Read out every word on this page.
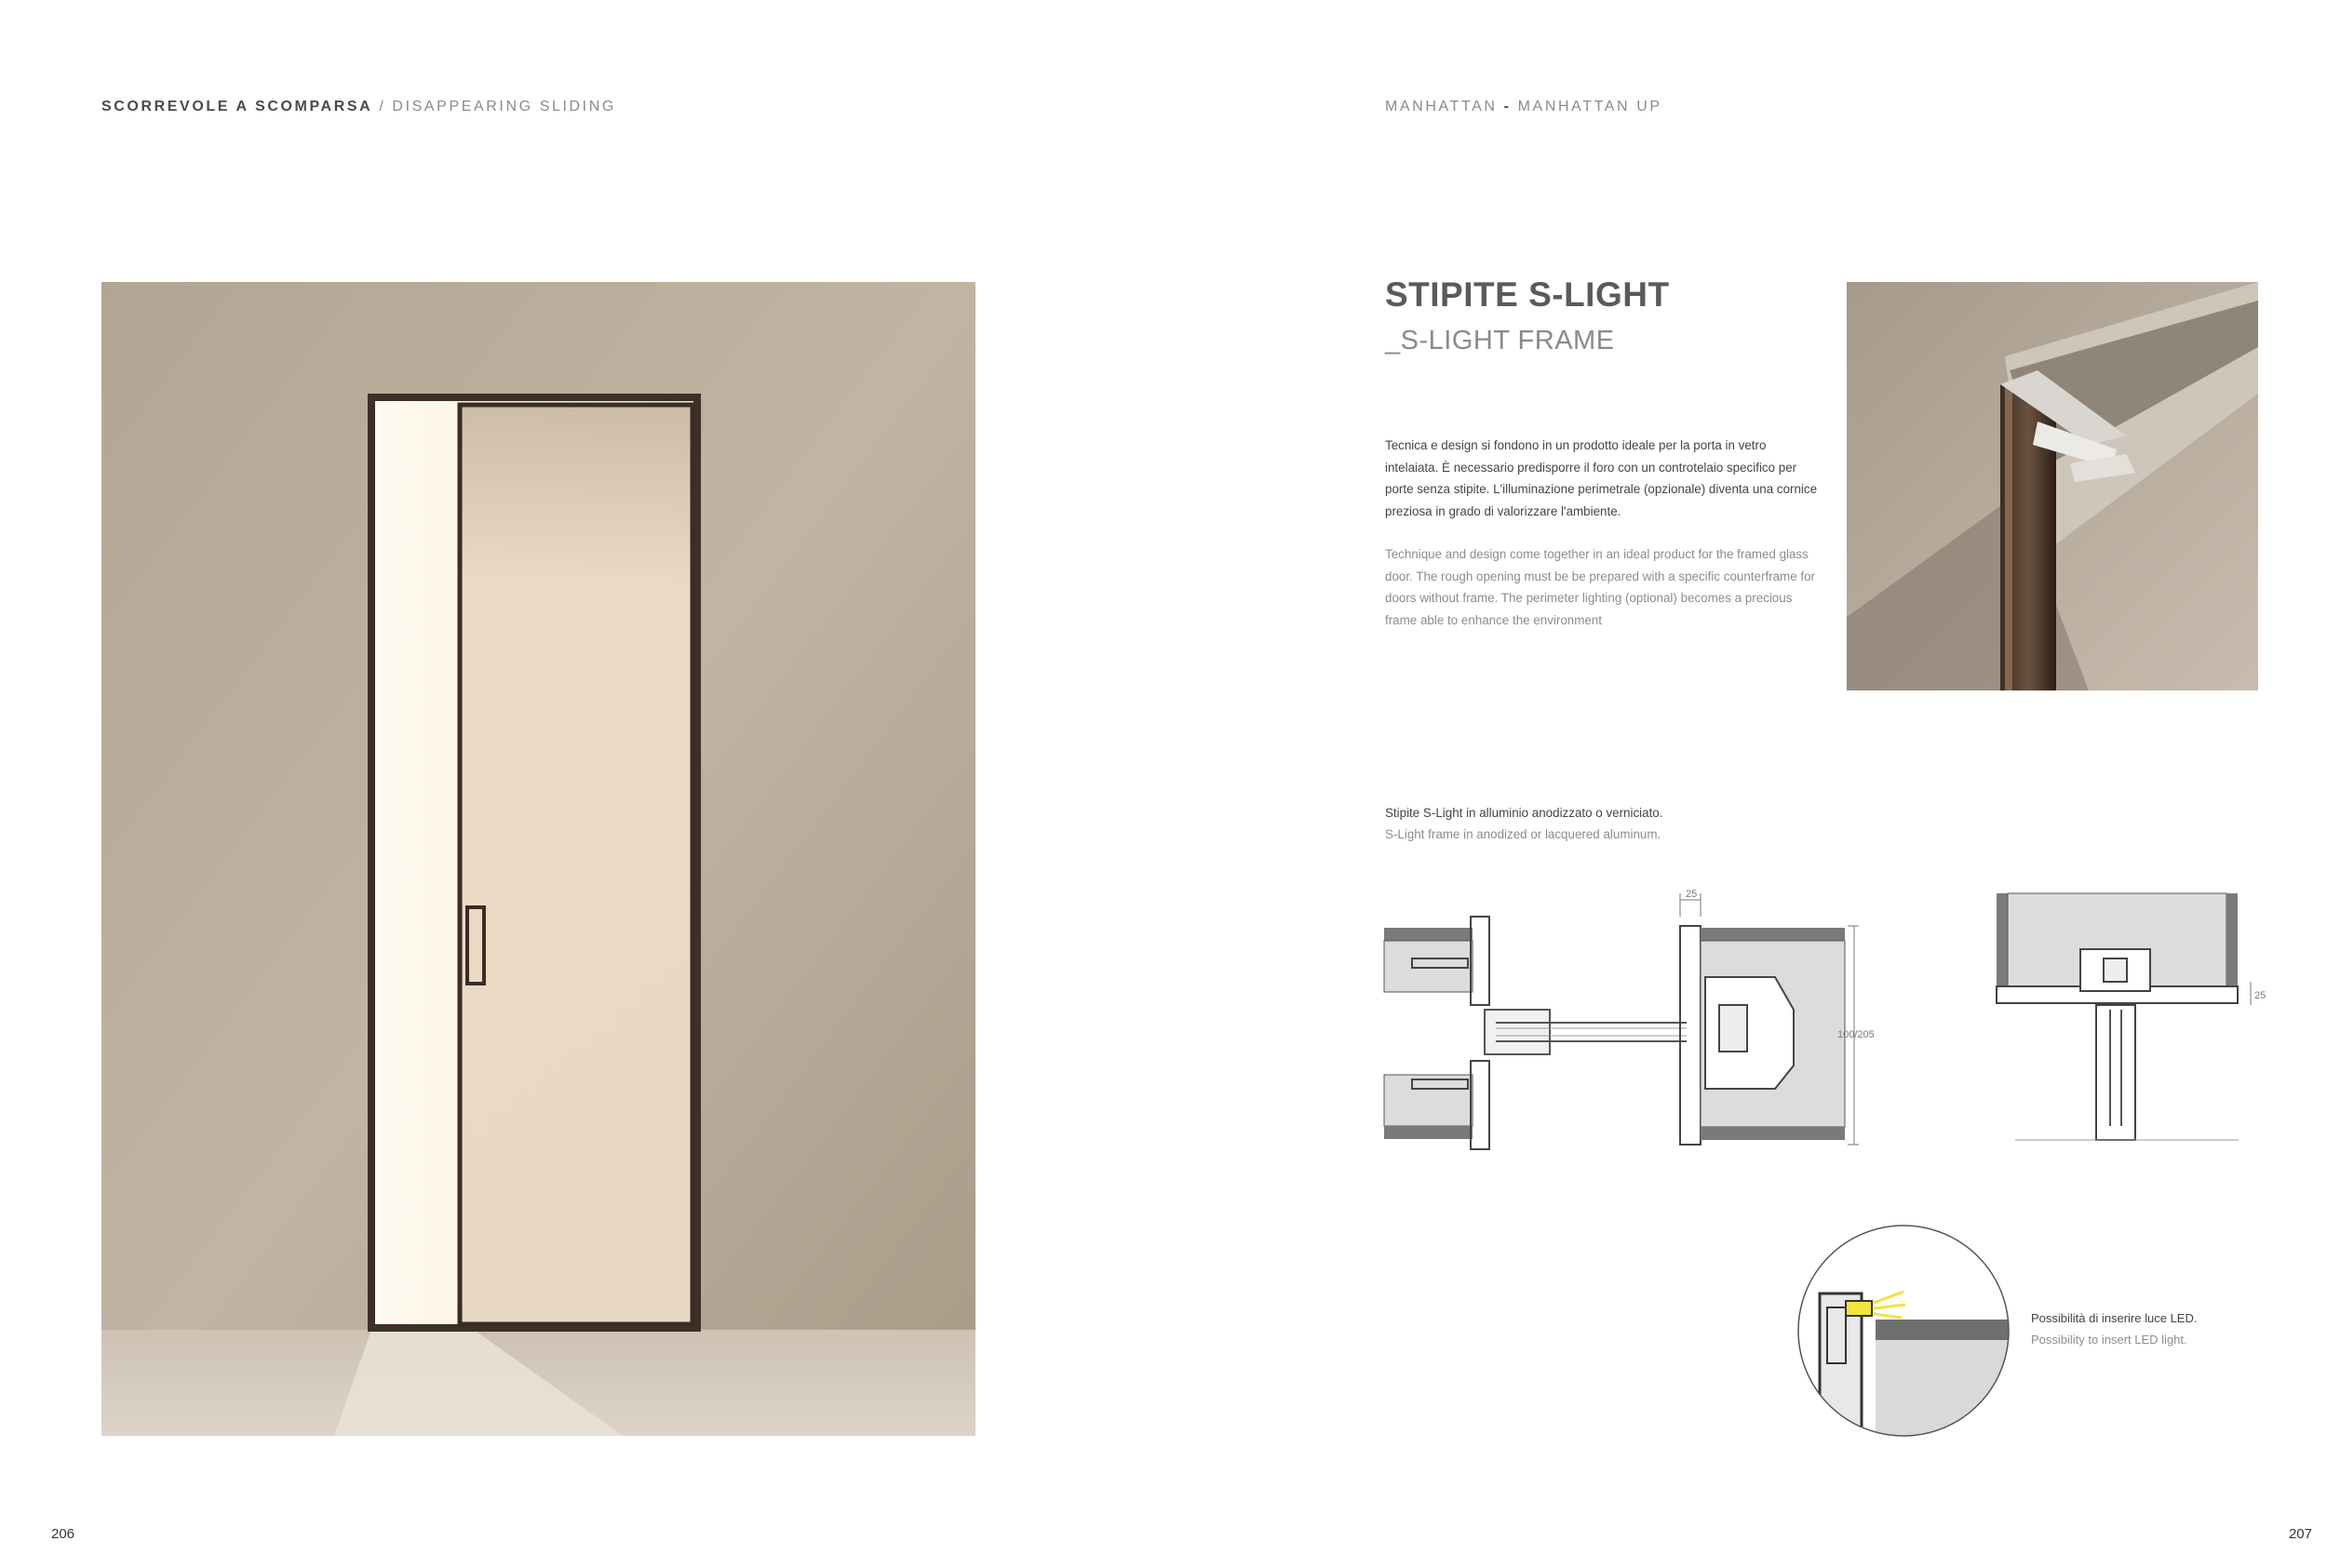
SCORREVOLE A SCOMPARSA / DISAPPEARING SLIDING	MANHATTAN - MANHATTAN UP
STIPITE S-LIGHT
_S-LIGHT FRAME
Tecnica e design si fondono in un prodotto ideale per la porta in vetro intelaiata. È necessario predisporre il foro con un controtelaio specifico per porte senza stipite. L'illuminazione perimetrale (opzionale) diventa una cornice preziosa in grado di valorizzare l'ambiente.
Technique and design come together in an ideal product for the framed glass door. The rough opening must be be prepared with a specific counterframe for doors without frame. The perimeter lighting (optional) becomes a precious frame able to enhance the environment
Stipite S-Light in alluminio anodizzato o verniciato.
S-Light frame in anodized or lacquered aluminum.
25
100/205
25
Possibilità di inserire luce LED.
Possibility to insert LED light.
206	207
